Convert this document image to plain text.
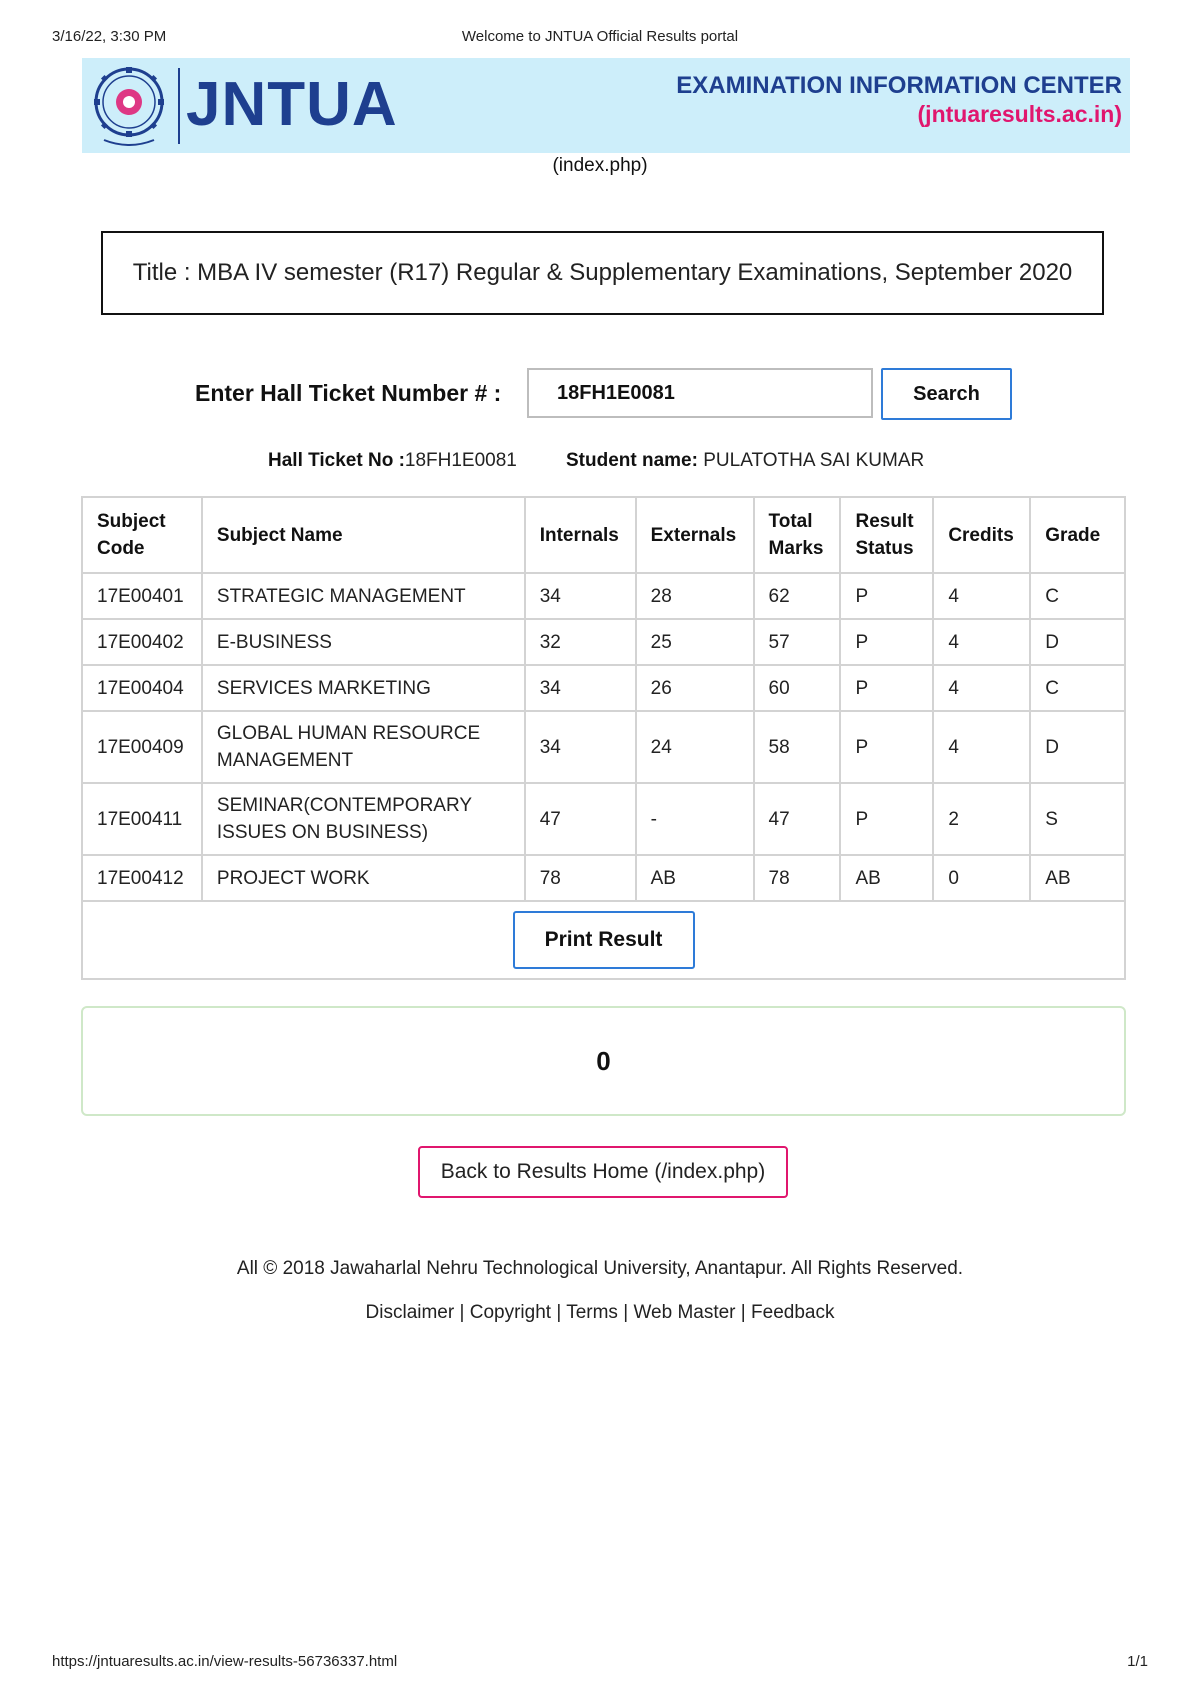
3/16/22, 3:30 PM	Welcome to JNTUA Official Results portal
JNTUA	EXAMINATION INFORMATION CENTER
(jntuaresults.ac.in)
(index.php)
Title : MBA IV semester (R17) Regular & Supplementary Examinations, September 2020
Enter Hall Ticket Number # :
18FH1E0081	Search
Hall Ticket No :18FH1E0081	Student name: PULATOTHA SAI KUMAR
Subject Code	Subject Name	Internals	Externals	Total Marks	Result Status	Credits	Grade
17E00401	STRATEGIC MANAGEMENT	34	28	62	P	4	C
17E00402	E-BUSINESS	32	25	57	P	4	D
17E00404	SERVICES MARKETING	34	26	60	P	4	C
17E00409	GLOBAL HUMAN RESOURCE MANAGEMENT	34	24	58	P	4	D
17E00411	SEMINAR(CONTEMPORARY ISSUES ON BUSINESS)	47	-	47	P	2	S
17E00412	PROJECT WORK	78	AB	78	AB	0	AB
Print Result							
0
Back to Results Home (/index.php)
All © 2018 Jawaharlal Nehru Technological University, Anantapur. All Rights Reserved.
Disclaimer | Copyright | Terms | Web Master | Feedback
https://jntuaresults.ac.in/view-results-56736337.html	1/1
